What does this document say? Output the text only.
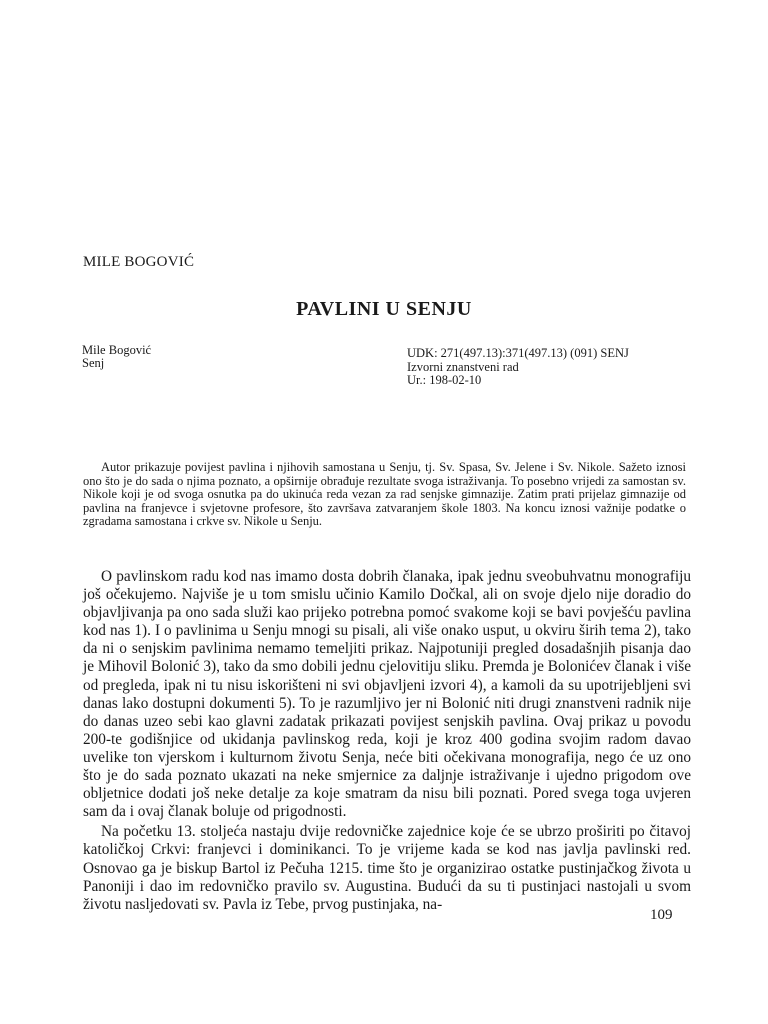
MILE BOGOVIĆ
PAVLINI U SENJU
Mile Bogović
Senj
UDK: 271(497.13):371(497.13) (091) SENJ
Izvorni znanstveni rad
Ur.: 198-02-10
Autor prikazuje povijest pavlina i njihovih samostana u Senju, tj. Sv. Spasa, Sv. Jelene i Sv. Nikole. Sažeto iznosi ono što je do sada o njima poznato, a opširnije obrađuje rezultate svoga istraživanja. To posebno vrijedi za samostan sv. Nikole koji je od svoga osnutka pa do ukinuća reda vezan za rad senjske gimnazije. Zatim prati prijelaz gimnazije od pavlina na franjevce i svjetovne profesore, što završava zatvaranjem škole 1803. Na koncu iznosi važnije podatke o zgradama samostana i crkve sv. Nikole u Senju.

O pavlinskom radu kod nas imamo dosta dobrih članaka, ipak jednu sveobuhvatnu monografiju još očekujemo. Najviše je u tom smislu učinio Kamilo Dočkal, ali on svoje djelo nije doradio do objavljivanja pa ono sada služi kao prijeko potrebna pomoć svakome koji se bavi povješću pavlina kod nas 1). I o pavlinima u Senju mnogi su pisali, ali više onako usput, u okviru širih tema 2), tako da ni o senjskim pavlinima nemamo temeljiti prikaz. Najpotuniji pregled dosadašnjih pisanja dao je Mihovil Bolonić 3), tako da smo dobili jednu cjelovitiju sliku. Premda je Bolonićev članak i više od pregleda, ipak ni tu nisu iskorišteni ni svi objavljeni izvori 4), a kamoli da su upotrijebljeni svi danas lako dostupni dokumenti 5). To je razumljivo jer ni Bolonić niti drugi znanstveni radnik nije do danas uzeo sebi kao glavni zadatak prikazati povijest senjskih pavlina. Ovaj prikaz u povodu 200-te godišnjice od ukidanja pavlinskog reda, koji je kroz 400 godina svojim radom davao uvelike ton vjerskom i kulturnom životu Senja, neće biti očekivana monografija, nego će uz ono što je do sada poznato ukazati na neke smjernice za daljnje istraživanje i ujedno prigodom ove obljetnice dodati još neke detalje za koje smatram da nisu bili poznati. Pored svega toga uvjeren sam da i ovaj članak boluje od prigodnosti.

Na početku 13. stoljeća nastaju dvije redovničke zajednice koje će se ubrzo proširiti po čitavoj katoličkoj Crkvi: franjevci i dominikanci. To je vrijeme kada se kod nas javlja pavlinski red. Osnovao ga je biskup Bartol iz Pečuha 1215. time što je organizirao ostatke pustinjačkog života u Panoniji i dao im redovničko pravilo sv. Augustina. Budući da su ti pustinjaci nastojali u svom životu nasljedovati sv. Pavla iz Tebe, prvog pustinjaka, na-

109
